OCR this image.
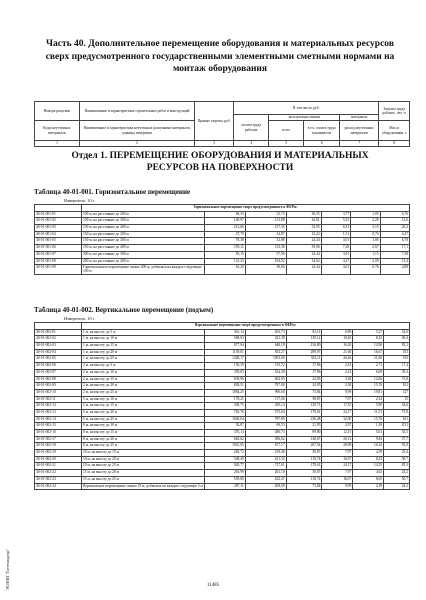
ЭСНПИ "Гостехнадзор"
Часть 40. Дополнительное перемещение оборудования и материальных ресурсов сверх предусмотренного государственными элементными сметными нормами на монтаж оборудования
Номера расценок	Наименование и характеристика строительных работ и конструкций	Прямые затраты, руб.	В том числе, руб.				Затраты труда рабочих, чел.-ч
			оплата труда рабочих	эксплуатация машин		материалы	
Коды неучтенных материалов	Наименование и характеристика неучтенных расценками материалов, единица измерения			всего	в т.ч. оплата труда машинистов	расход неучтенных материалов	Масса оборудования, т
1	2	3	4	5	6	7	8
Отдел 1. ПЕРЕМЕЩЕНИЕ ОБОРУДОВАНИЯ И МАТЕРИАЛЬНЫХ РЕСУРСОВ НА ПОВЕРХНОСТИ
Таблица 40-01-001. Горизонтальное перемещение
Измеритель: 10 т
	Горизонтальное перемещение сверх предусмотренного в ФЕРм:						
40-01-001-01	100 м, на расстояние до 200 м	84,33	52,73	30,55	3,77	1,05	6,76
40-01-001-02	100 м, на расстояние до 300 м	160,97	113,88	44,81	5,52	2,28	14,6
40-01-001-03	100 м, на расстояние до 400 м	213,66	157,56	52,95	6,53	3,15	20,2
40-01-001-04	150 м, на расстояние до 200 м	47,79	34,87	12,22	1,51	0,70	4,47
40-01-001-05	150 м, на расстояние до 300 м	78,38	52,88	24,44	3,01	1,06	6,78
40-01-001-06	150 м, на расстояние до 400 м	195,11	133,38	59,06	7,28	2,67	17,1
40-01-001-07	200 м, на расстояние до 300 м	83,15	57,56	24,44	3,01	1,15	7,38
40-01-001-08	200 м, на расстояние до 400 м	141,23	104,52	34,62	4,27	2,09	13,4
40-01-001-09	Горизонтальное перемещение свыше 400 м, добавлять на каждые следующие 100 м	63,20	38,06	24,44	3,01	0,76	4,88
Таблица 40-01-002. Вертикальное перемещение (подъем)
Измеритель: 10 т
	Вертикальное перемещение сверх предусмотренного в ФЕРм:						
40-01-002-01	1 м, на высоту до 5 м	361,14	263,73	92,14	6,89	5,27	32,6
40-01-002-02	1 м, на высоту до 10 м	568,93	421,38	139,12	10,40	8,43	49,4
40-01-002-03	1 м, на высоту до 15 м	877,94	648,18	216,80	16,20	12,96	83,1
40-01-002-04	1 м, на высоту до 20 м	1139,01	833,27	289,07	21,60	16,67	103
40-01-002-05	1 м, на высоту до 25 м	1428,17	1053,00	354,11	26,46	21,06	135
40-01-002-06	2 м, на высоту до 5 м	156,39	135,72	17,96	2,43	2,71	17,4
40-01-002-07	2 м, на высоту до 10 м	359,03	334,38	17,96	2,43	6,69	39,2
40-01-002-08	2 м, на высоту до 15 м	639,96	602,95	24,95	3,38	12,06	73,8
40-01-002-09	2 м, на высоту до 20 м	828,51	787,80	24,95	3,38	15,76	101
40-01-002-10	2 м, на высоту до 25 м	1084,25	990,60	73,84	9,99	19,81	127
40-01-002-11	5 м, на высоту до 10 м	178,21	117,00	58,87	7,97	2,34	15
40-01-002-12	5 м, на высоту до 15 м	430,75	295,14	129,71	17,55	5,90	34,6
40-01-002-13	5 м, на высоту до 20 м	765,76	575,64	178,61	24,17	11,51	73,8
40-01-002-14	5 м, на высоту до 25 м	1040,04	787,80	236,48	32,00	15,76	101
40-01-002-15	8 м, на высоту до 10 м	92,87	69,53	21,95	2,97	1,39	8,51
40-01-002-16	8 м, на высоту до 15 м	376,14	280,73	89,80	12,15	5,61	33,5
40-01-002-17	8 м, на высоту до 20 м	665,62	496,62	148,67	20,12	9,84	57,7
40-01-002-18	8 м, на высоту до 25 м	1041,05	817,17	207,54	28,08	16,34	95,8
40-01-002-19	10 м, на высоту до 15 м	282,72	219,46	58,87	7,97	4,39	25,4
40-01-002-20	10 м, на высоту до 20 м	548,49	421,32	118,74	16,07	8,43	50,7
40-01-002-21	10 м, на высоту до 25 м	920,77	727,61	178,61	24,17	14,55	85,3
40-01-002-22	15 м, на высоту до 20 м	263,99	201,10	58,87	7,97	4,02	24,2
40-01-002-23	15 м, на высоту до 25 м	559,80	432,47	118,74	16,07	8,65	50,7
40-01-002-24	Вертикальное перемещение свыше 25 м, добавлять на каждые следующие 5 м	287,11	209,09	73,84	9,99	4,18	24,2
11485
